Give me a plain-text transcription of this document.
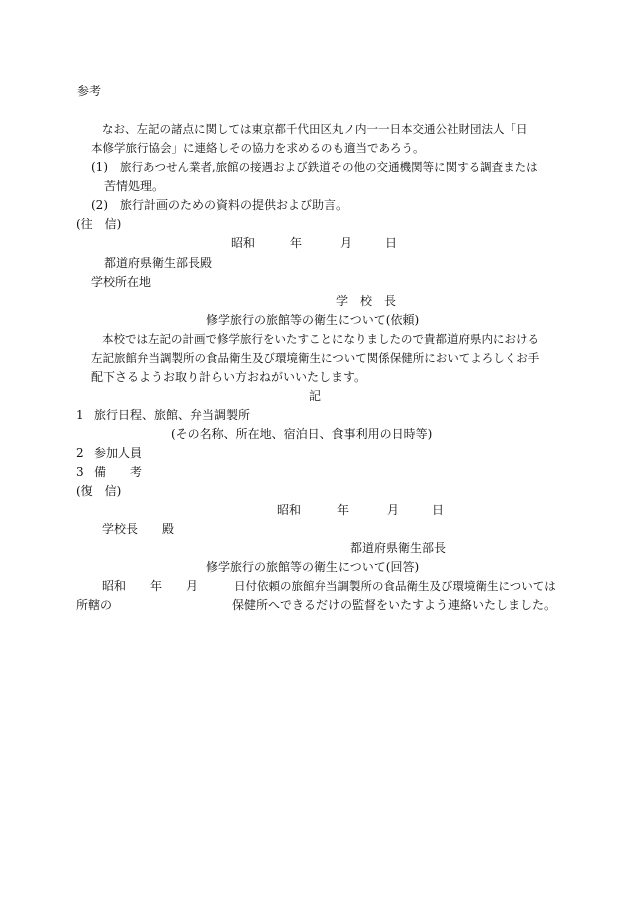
参考
なお、左記の諸点に関しては東京都千代田区丸ノ内一一日本交通公社財団法人「日
本修学旅行協会」に連絡しその協力を求めるのも適当であろう。
(1) 旅行あつせん業者,旅館の接遇および鉄道その他の交通機関等に関する調査または
苦情処理。
(2) 旅行計画のための資料の提供および助言。
(往　信)
昭和	年	月	日
都道府県衛生部長殿
学校所在地
学　校　長
修学旅行の旅館等の衛生について(依頼)
本校では左記の計画で修学旅行をいたすことになりましたので貴都道府県内における
左記旅館弁当調製所の食品衛生及び環境衛生について関係保健所においてよろしくお手
配下さるようお取り計らい方おねがいいたします。
記
1 旅行日程、旅館、弁当調製所
(その名称、所在地、宿泊日、食事利用の日時等)
2 参加人員
3 備　　考
(復　信)
昭和	年	月	日
学校長　　殿
都道府県衛生部長
修学旅行の旅館等の衛生について(回答)
昭和 年 月	日付依頼の旅館弁当調製所の食品衛生及び環境衛生については
所轄の	保健所へできるだけの監督をいたすよう連絡いたしました。
